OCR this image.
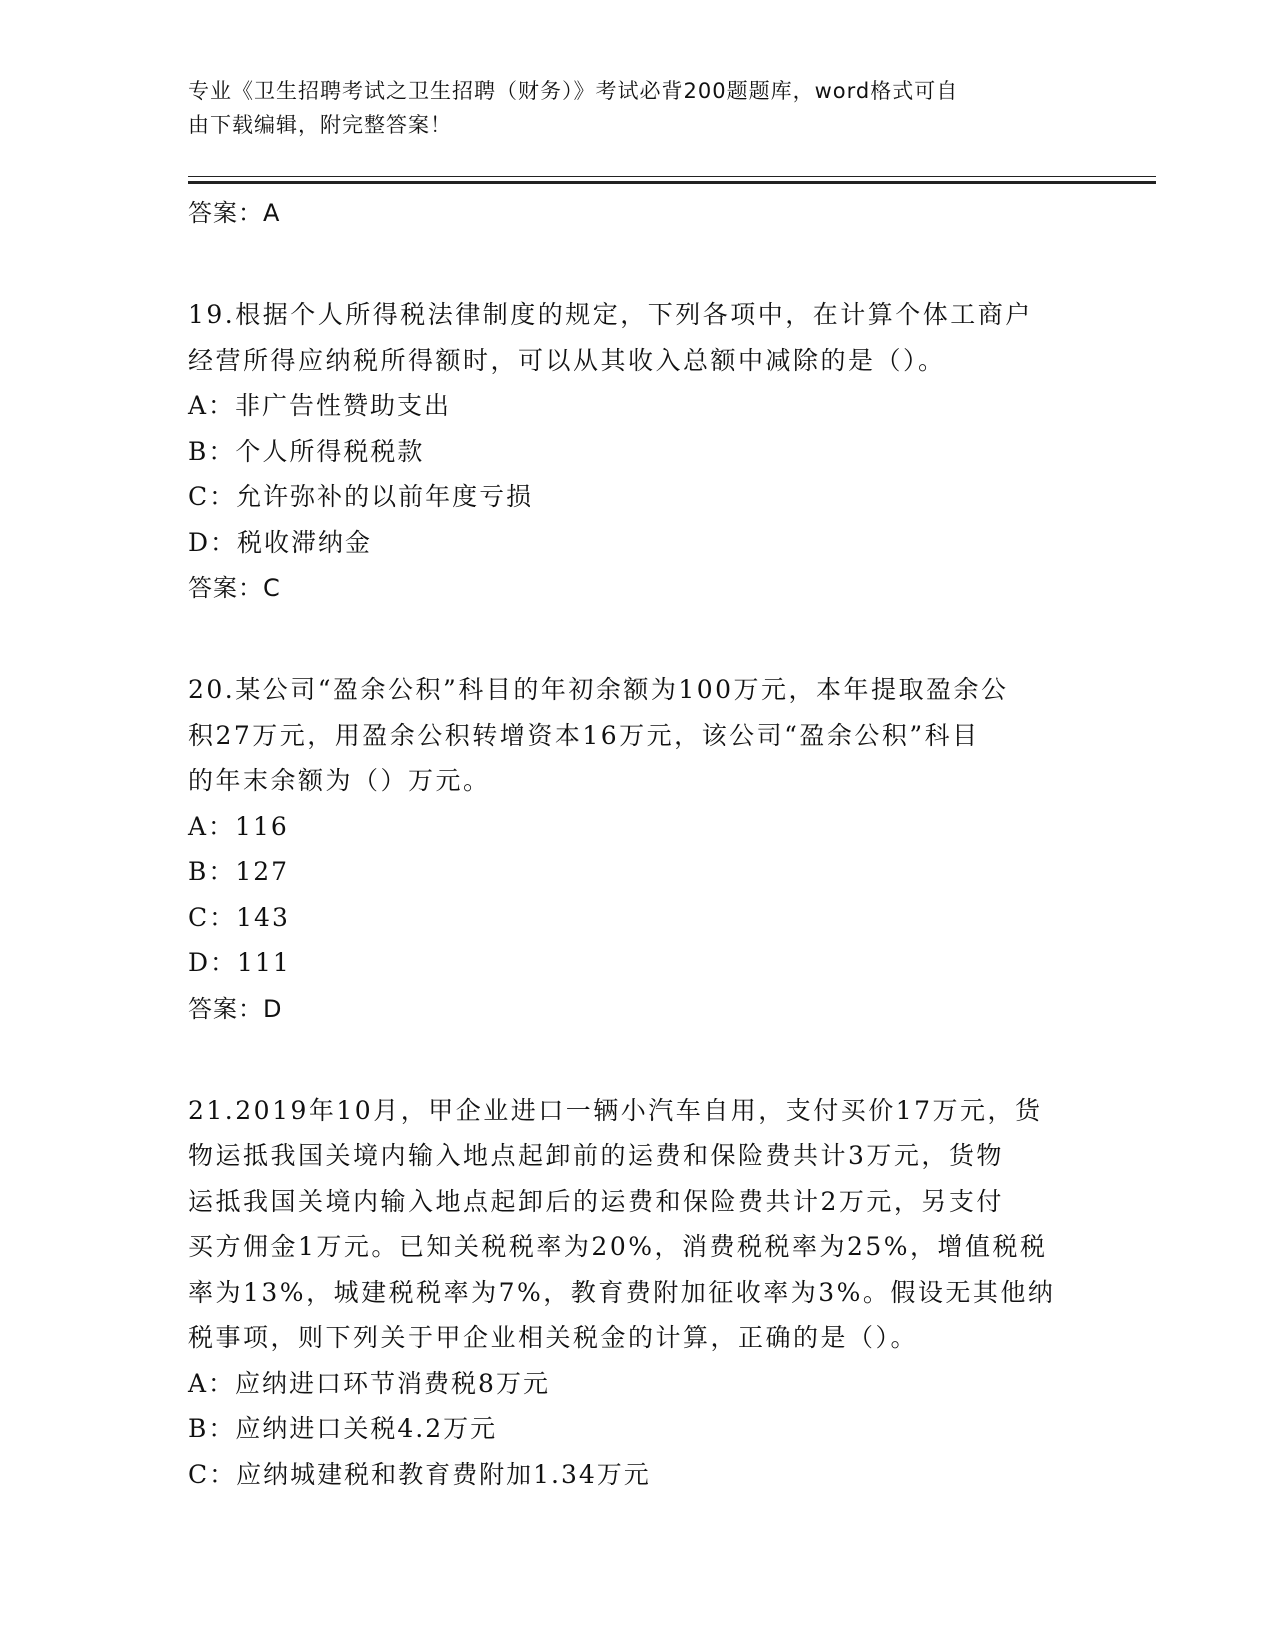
专业《卫生招聘考试之卫生招聘（财务）》考试必背200题题库，word格式可自
由下载编辑，附完整答案！

答案：A

19.根据个人所得税法律制度的规定，下列各项中，在计算个体工商户

经营所得应纳税所得额时，可以从其收入总额中减除的是（）。

A：非广告性赞助支出

B：个人所得税税款

C：允许弥补的以前年度亏损

D：税收滞纳金

答案：C

20.某公司“盈余公积”科目的年初余额为100万元，本年提取盈余公

积27万元，用盈余公积转增资本16万元，该公司“盈余公积”科目

的年末余额为（）万元。

A：116

B：127

C：143

D：111

答案：D

21.2019年10月，甲企业进口一辆小汽车自用，支付买价17万元，货

物运抵我国关境内输入地点起卸前的运费和保险费共计3万元，货物

运抵我国关境内输入地点起卸后的运费和保险费共计2万元，另支付

买方佣金1万元。已知关税税率为20%，消费税税率为25%，增值税税

率为13%，城建税税率为7%，教育费附加征收率为3%。假设无其他纳

税事项，则下列关于甲企业相关税金的计算，正确的是（）。

A：应纳进口环节消费税8万元

B：应纳进口关税4.2万元

C：应纳城建税和教育费附加1.34万元
